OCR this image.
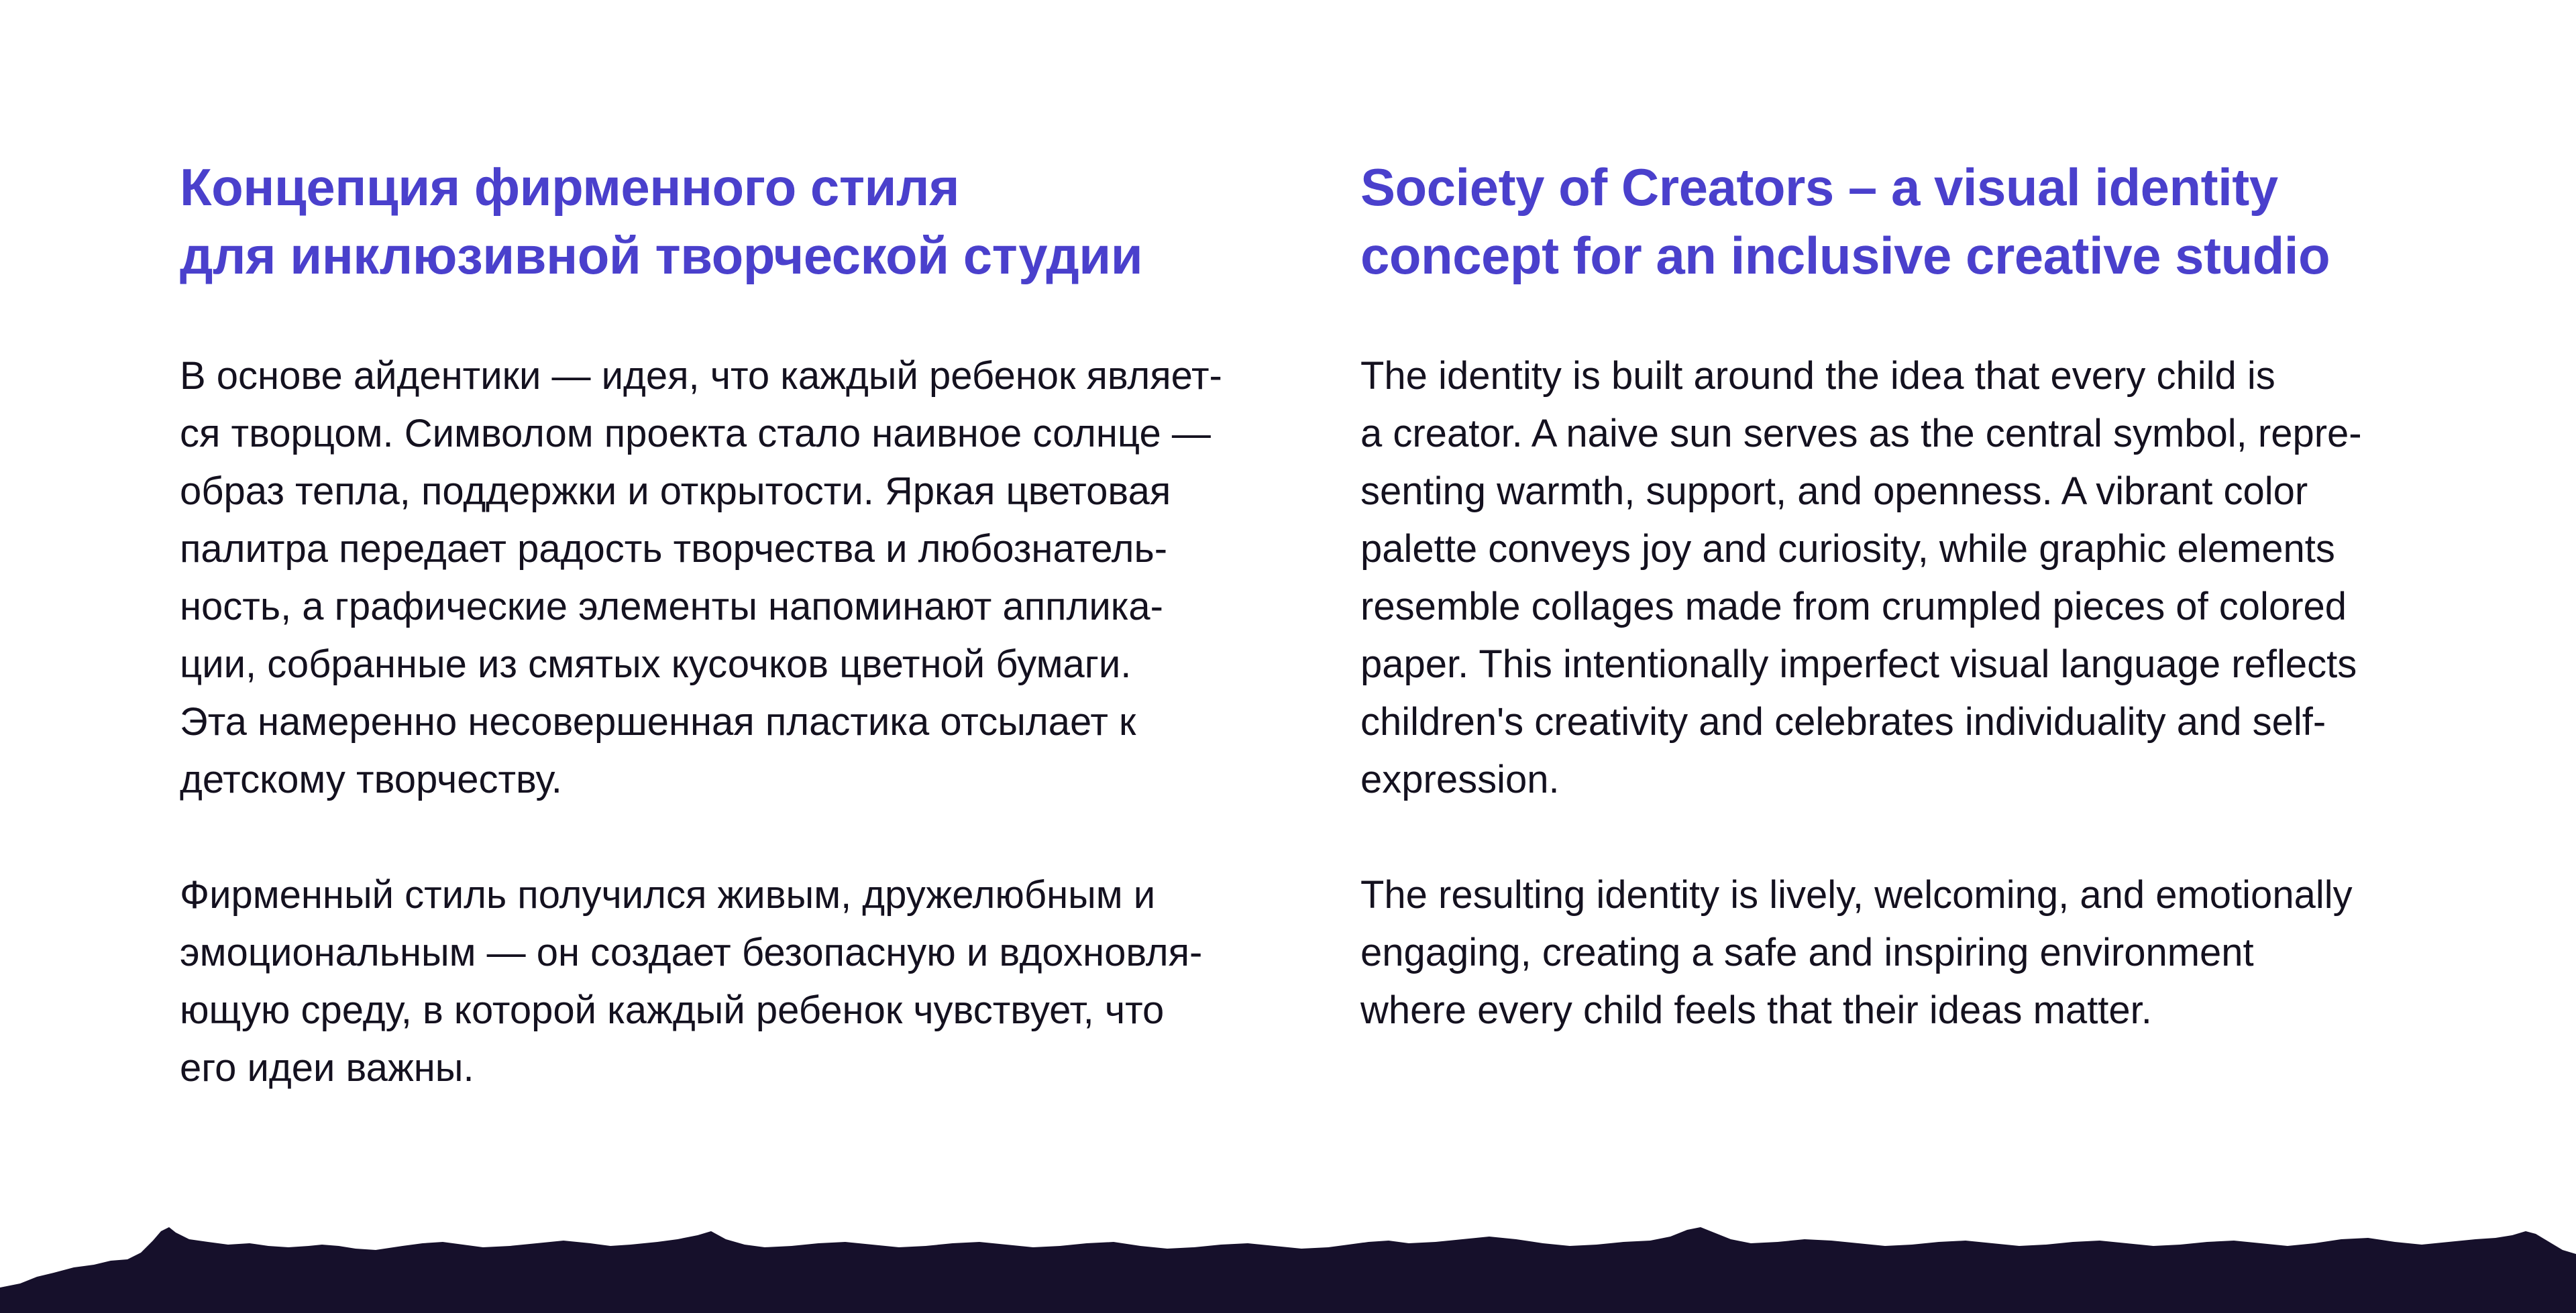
Концепция фирменного стиля
для инклюзивной творческой студии

В основе айдентики — идея, что каждый ребенок являет-
ся творцом. Символом проекта стало наивное солнце —
образ тепла, поддержки и открытости. Яркая цветовая
палитра передает радость творчества и любознатель-
ность, а графические элементы напоминают апплика-
ции, собранные из смятых кусочков цветной бумаги.
Эта намеренно несовершенная пластика отсылает к
детскому творчеству.

Фирменный стиль получился живым, дружелюбным и
эмоциональным — он создает безопасную и вдохновля-
ющую среду, в которой каждый ребенок чувствует, что
его идеи важны.

Society of Creators – a visual identity
concept for an inclusive creative studio

The identity is built around the idea that every child is
a creator. A naive sun serves as the central symbol, repre-
senting warmth, support, and openness. A vibrant color
palette conveys joy and curiosity, while graphic elements
resemble collages made from crumpled pieces of colored
paper. This intentionally imperfect visual language reflects
children's creativity and celebrates individuality and self-
expression.

The resulting identity is lively, welcoming, and emotionally
engaging, creating a safe and inspiring environment
where every child feels that their ideas matter.
